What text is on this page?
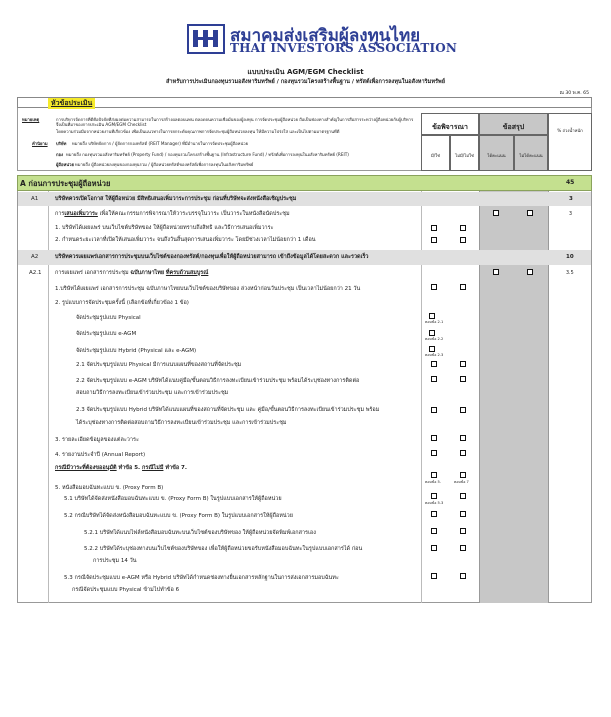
สมาคมส่งเสริมผู้ลงทุนไทย
THAI INVESTORS ASSOCIATION
แบบประเมิน AGM/EGM Checklist
สำหรับการประเมินกองทุนรวมอสังหาริมทรัพย์ / กองทุนรวมโครงสร้างพื้นฐาน / ทรัสต์เพื่อการลงทุนในอสังหาริมทรัพย์
ณ 30 พ.ค. 65
หัวข้อประเมิน
หมายเหตุ	การบริหารจัดการที่ดีคือปัจจัยที่ส่งผลต่อความสามารถในการสร้างผลตอบแทน ตลอดจนความเชื่อมั่นของผู้ลงทุน การจัดประชุมผู้ถือหน่วย ถือเป็นช่องทางสำคัญในการสื่อสารระหว่างผู้ถือหน่วยกับผู้บริหาร จึงเป็นที่มาของการประเมิน AGM/EGM Checklist
โดยความร่วมมือจากหน่วยงานที่เกี่ยวข้อง เพื่อเป็นแนวทางในการยกระดับคุณภาพการจัดประชุมผู้ถือหน่วยลงทุน ให้มีความโปร่งใส และเป็นไปตามมาตรฐานที่ดี
คำนิยาม บริษัท หมายถึง บริษัทจัดการ / ผู้จัดการกองทรัสต์ (REIT Manager) ที่มีอำนาจในการจัดประชุมผู้ถือหน่วย
กอง หมายถึง กองทุนรวมอสังหาริมทรัพย์ (Property Fund) / กองทุนรวมโครงสร้างพื้นฐาน (Infrastructure Fund) / ทรัสต์เพื่อการลงทุนในอสังหาริมทรัพย์ (REIT)
ผู้ถือหน่วย หมายถึง ผู้ถือหน่วยลงทุนของกองทุนรวม / ผู้ถือหน่วยทรัสต์ของทรัสต์เพื่อการลงทุนในอสังหาริมทรัพย์
ข้อพิจารณา	ข้อสรุป	% ถ่วงน้ำหนัก
มี/ใช่	ไม่มี/ไม่ใช่	ได้คะแนน	ไม่ได้คะแนน
A ก่อนการประชุมผู้ถือหน่วย	45
A1	บริษัทควรเปิดโอกาส ให้ผู้ถือหน่วย มีสิทธิเสนอเพิ่มวาระการประชุม ก่อนที่บริษัทจะส่งหนังสือเชิญประชุม	3
การเสนอเพิ่มวาระ เพื่อให้คณะกรรมการพิจารณาให้วาระบรรจุในวาระ เป็นวาระในหนังสือนัดประชุม	3
1. บริษัทได้เผยแพร่ บนเว็บไซต์บริษัทของ ให้ผู้ถือหน่วยทราบถึงสิทธิ และวิธีการเสนอเพิ่มวาระ
2. กำหนดระยะเวลาที่เปิดให้เสนอเพิ่มวาระ จนถึงวันสิ้นสุดการเสนอเพิ่มวาระ โดยมีช่วงเวลาไม่น้อยกว่า 1 เดือน
A2	บริษัทควรเผยแพร่เอกสารการประชุมบนเว็บไซต์ของกองทรัสต์/กองทุนเพื่อให้ผู้ถือหน่วยสามารถ เข้าถึงข้อมูลได้โดยสะดวก และรวดเร็ว	10
A2.1 การเผยแพร่ เอกสารการประชุม ฉบับภาษาไทย ที่ครบถ้วนสมบูรณ์	3.5
1.บริษัทได้เผยแพร่ เอกสารการประชุม ฉบับภาษาไทยบนเว็บไซต์ของบริษัทของ ล่วงหน้าก่อนวันประชุม เป็นเวลาไม่น้อยกว่า 21 วัน
2. รูปแบบการจัดประชุมครั้งนี้ (เลือกข้อที่เกี่ยวข้อง 1 ข้อ)
จัดประชุมรูปแบบ Physical
ตอบข้อ 2.1
จัดประชุมรูปแบบ e-AGM
ตอบข้อ 2.2
จัดประชุมรูปแบบ Hybrid (Physical และ e-AGM)
ตอบข้อ 2.3
2.1 จัดประชุมรูปแบบ Physical มีการแนบแผนที่ของสถานที่จัดประชุม
2.2 จัดประชุมรูปแบบ e-AGM บริษัทได้แนบคู่มือ/ขั้นตอนวิธีการลงทะเบียนเข้าร่วมประชุม พร้อมได้ระบุช่องทางการติดต่อ
สอบถามวิธีการลงทะเบียนเข้าร่วมประชุม และการเข้าร่วมประชุม
2.3 จัดประชุมรูปแบบ Hybrid บริษัทได้แนบแผนที่ของสถานที่จัดประชุม และ คู่มือ/ขั้นตอนวิธีการลงทะเบียนเข้าร่วมประชุม พร้อม
ได้ระบุช่องทางการติดต่อสอบถามวิธีการลงทะเบียนเข้าร่วมประชุม และการเข้าร่วมประชุม
3. รายละเอียดข้อมูลของแต่ละวาระ
4. รายงานประจำปี (Annual Report)
กรณีมีวาระที่ต้องขออนุมัติ ทำข้อ 5. กรณีไม่มี ทำข้อ 7.
5. หนังสือมอบฉันทะแบบ ข. (Proxy Form B)
ตอบข้อ 5.	ตอบข้อ 7
5.1 บริษัทได้จัดส่งหนังสือมอบฉันทะแบบ ข. (Proxy Form B) ในรูปแบบเอกสารให้ผู้ถือหน่วย
ตอบข้อ 5.3
5.2 กรณีบริษัทได้จัดส่งหนังสือมอบฉันทะแบบ ข. (Proxy Form B) ในรูปแบบเอกสารให้ผู้ถือหน่วย
5.2.1 บริษัทได้แนบไฟล์หนังสือมอบฉันทะบนเว็บไซต์ของบริษัทของ ให้ผู้ถือหน่วยจัดพิมพ์เอกสารเอง
5.2.2 บริษัทได้ระบุช่องทางบนเว็บไซต์ของบริษัทของ เพื่อให้ผู้ถือหน่วยขอรับหนังสือมอบฉันทะในรูปแบบเอกสารได้ ก่อน
การประชุม 14 วัน
5.3 กรณีจัดประชุมแบบ e-AGM หรือ Hybrid บริษัทได้กำหนดช่องทางยื่นเอกสารหลักฐานในการส่งเอกสารมอบฉันทะ
กรณีจัดประชุมแบบ Physical ข้ามไปทำข้อ 6
